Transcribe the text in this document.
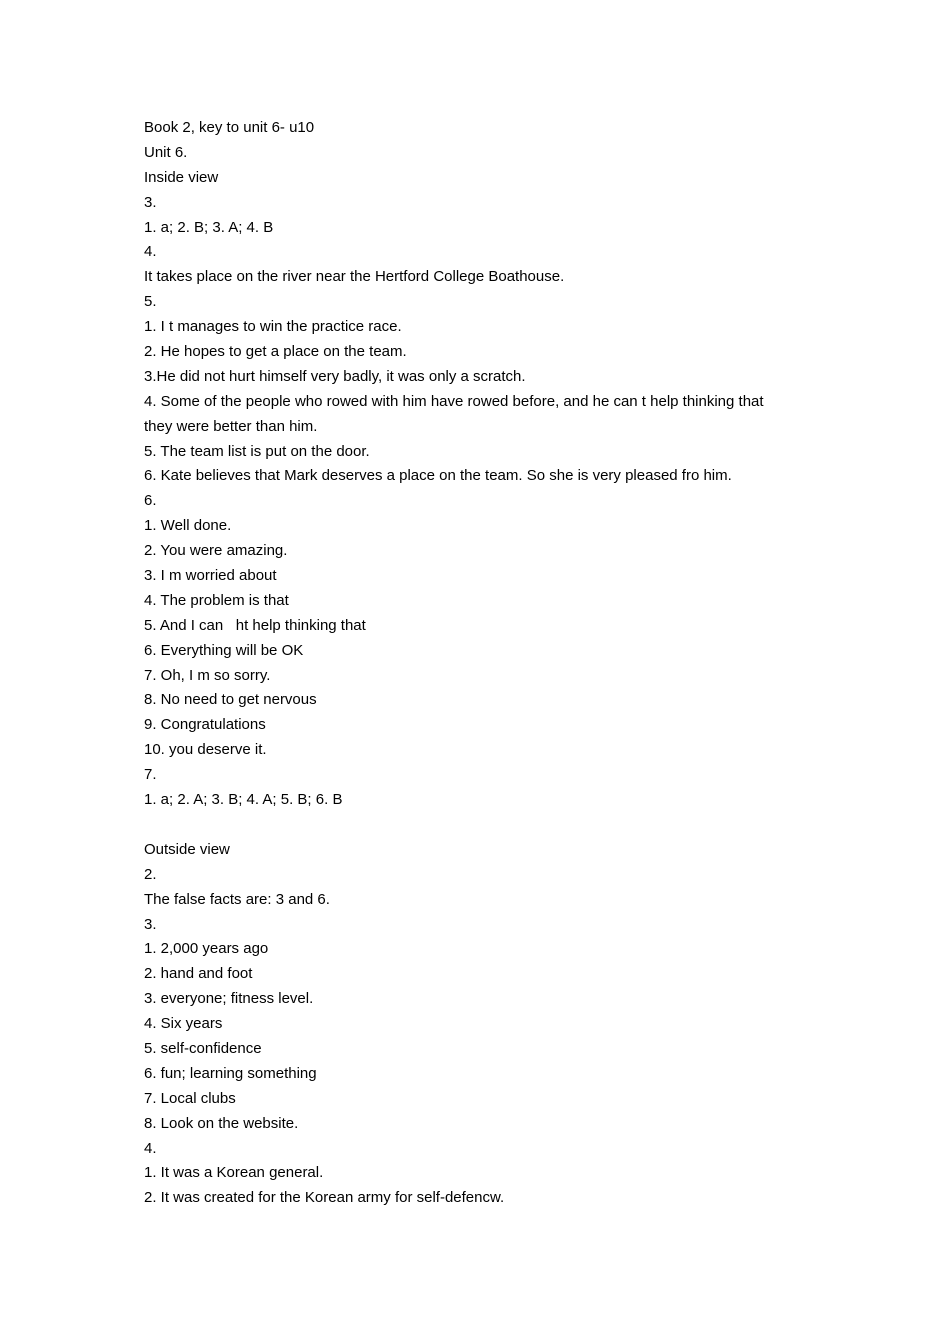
Book 2, key to unit 6- u10
Unit 6.
Inside view
3.
1. a; 2. B; 3. A; 4. B
4.
It takes place on the river near the Hertford College Boathouse.
5.
1. I t manages to win the practice race.
2. He hopes to get a place on the team.
3.He did not hurt himself very badly, it was only a scratch.
4. Some of the people who rowed with him have rowed before, and he can t help thinking that
they were better than him.
5. The team list is put on the door.
6. Kate believes that Mark deserves a place on the team. So she is very pleased fro him.
6.
1. Well done.
2. You were amazing.
3. I m worried about
4. The problem is that
5. And I can   ht help thinking that
6. Everything will be OK
7. Oh, I m so sorry.
8. No need to get nervous
9. Congratulations
10. you deserve it.
7.
1. a; 2. A; 3. B; 4. A; 5. B; 6. B
Outside view
2.
The false facts are: 3 and 6.
3.
1. 2,000 years ago
2. hand and foot
3. everyone; fitness level.
4. Six years
5. self-confidence
6. fun; learning something
7. Local clubs
8. Look on the website.
4.
1. It was a Korean general.
2. It was created for the Korean army for self-defencw.
